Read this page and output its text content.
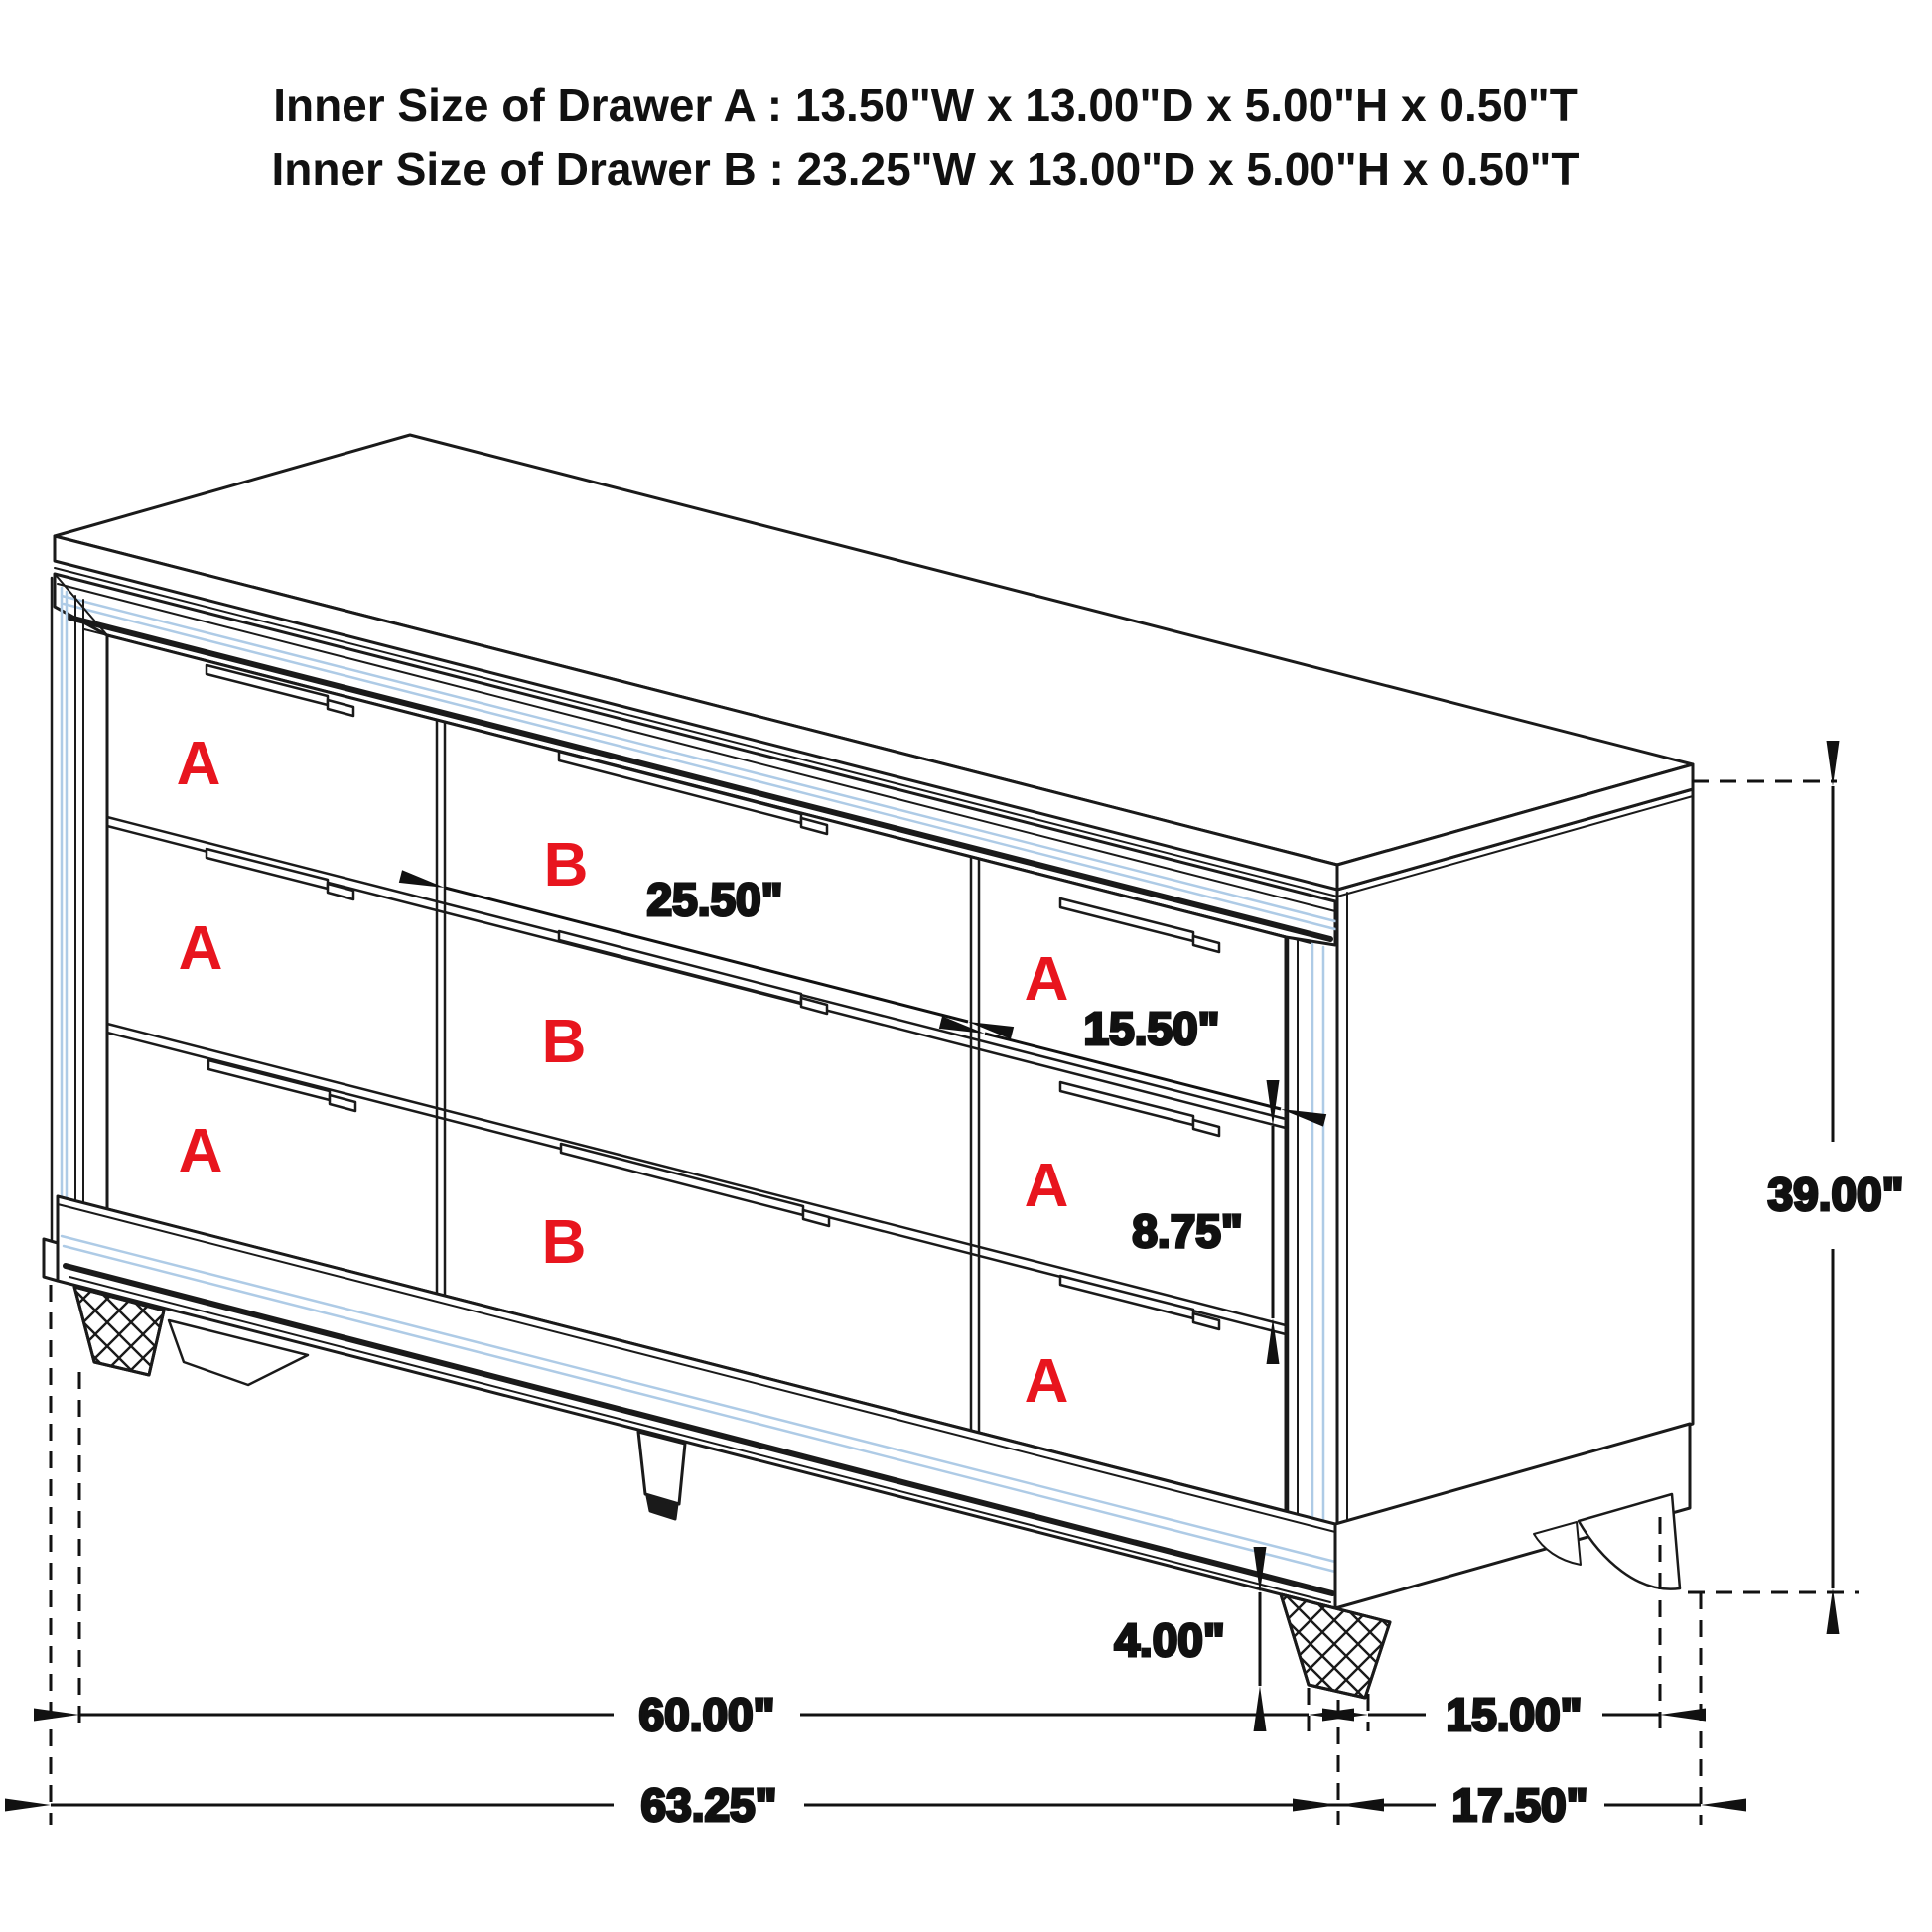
25.50"
15.50"
8.75"
39.00"
4.00"
60.00"	15.00"
63.25"	17.50"
A
A
A
B
B
B
A
A
A
Inner Size of Drawer A : 13.50"W x 13.00"D x 5.00"H x 0.50"T
Inner Size of Drawer B : 23.25"W x 13.00"D x 5.00"H x 0.50"T
